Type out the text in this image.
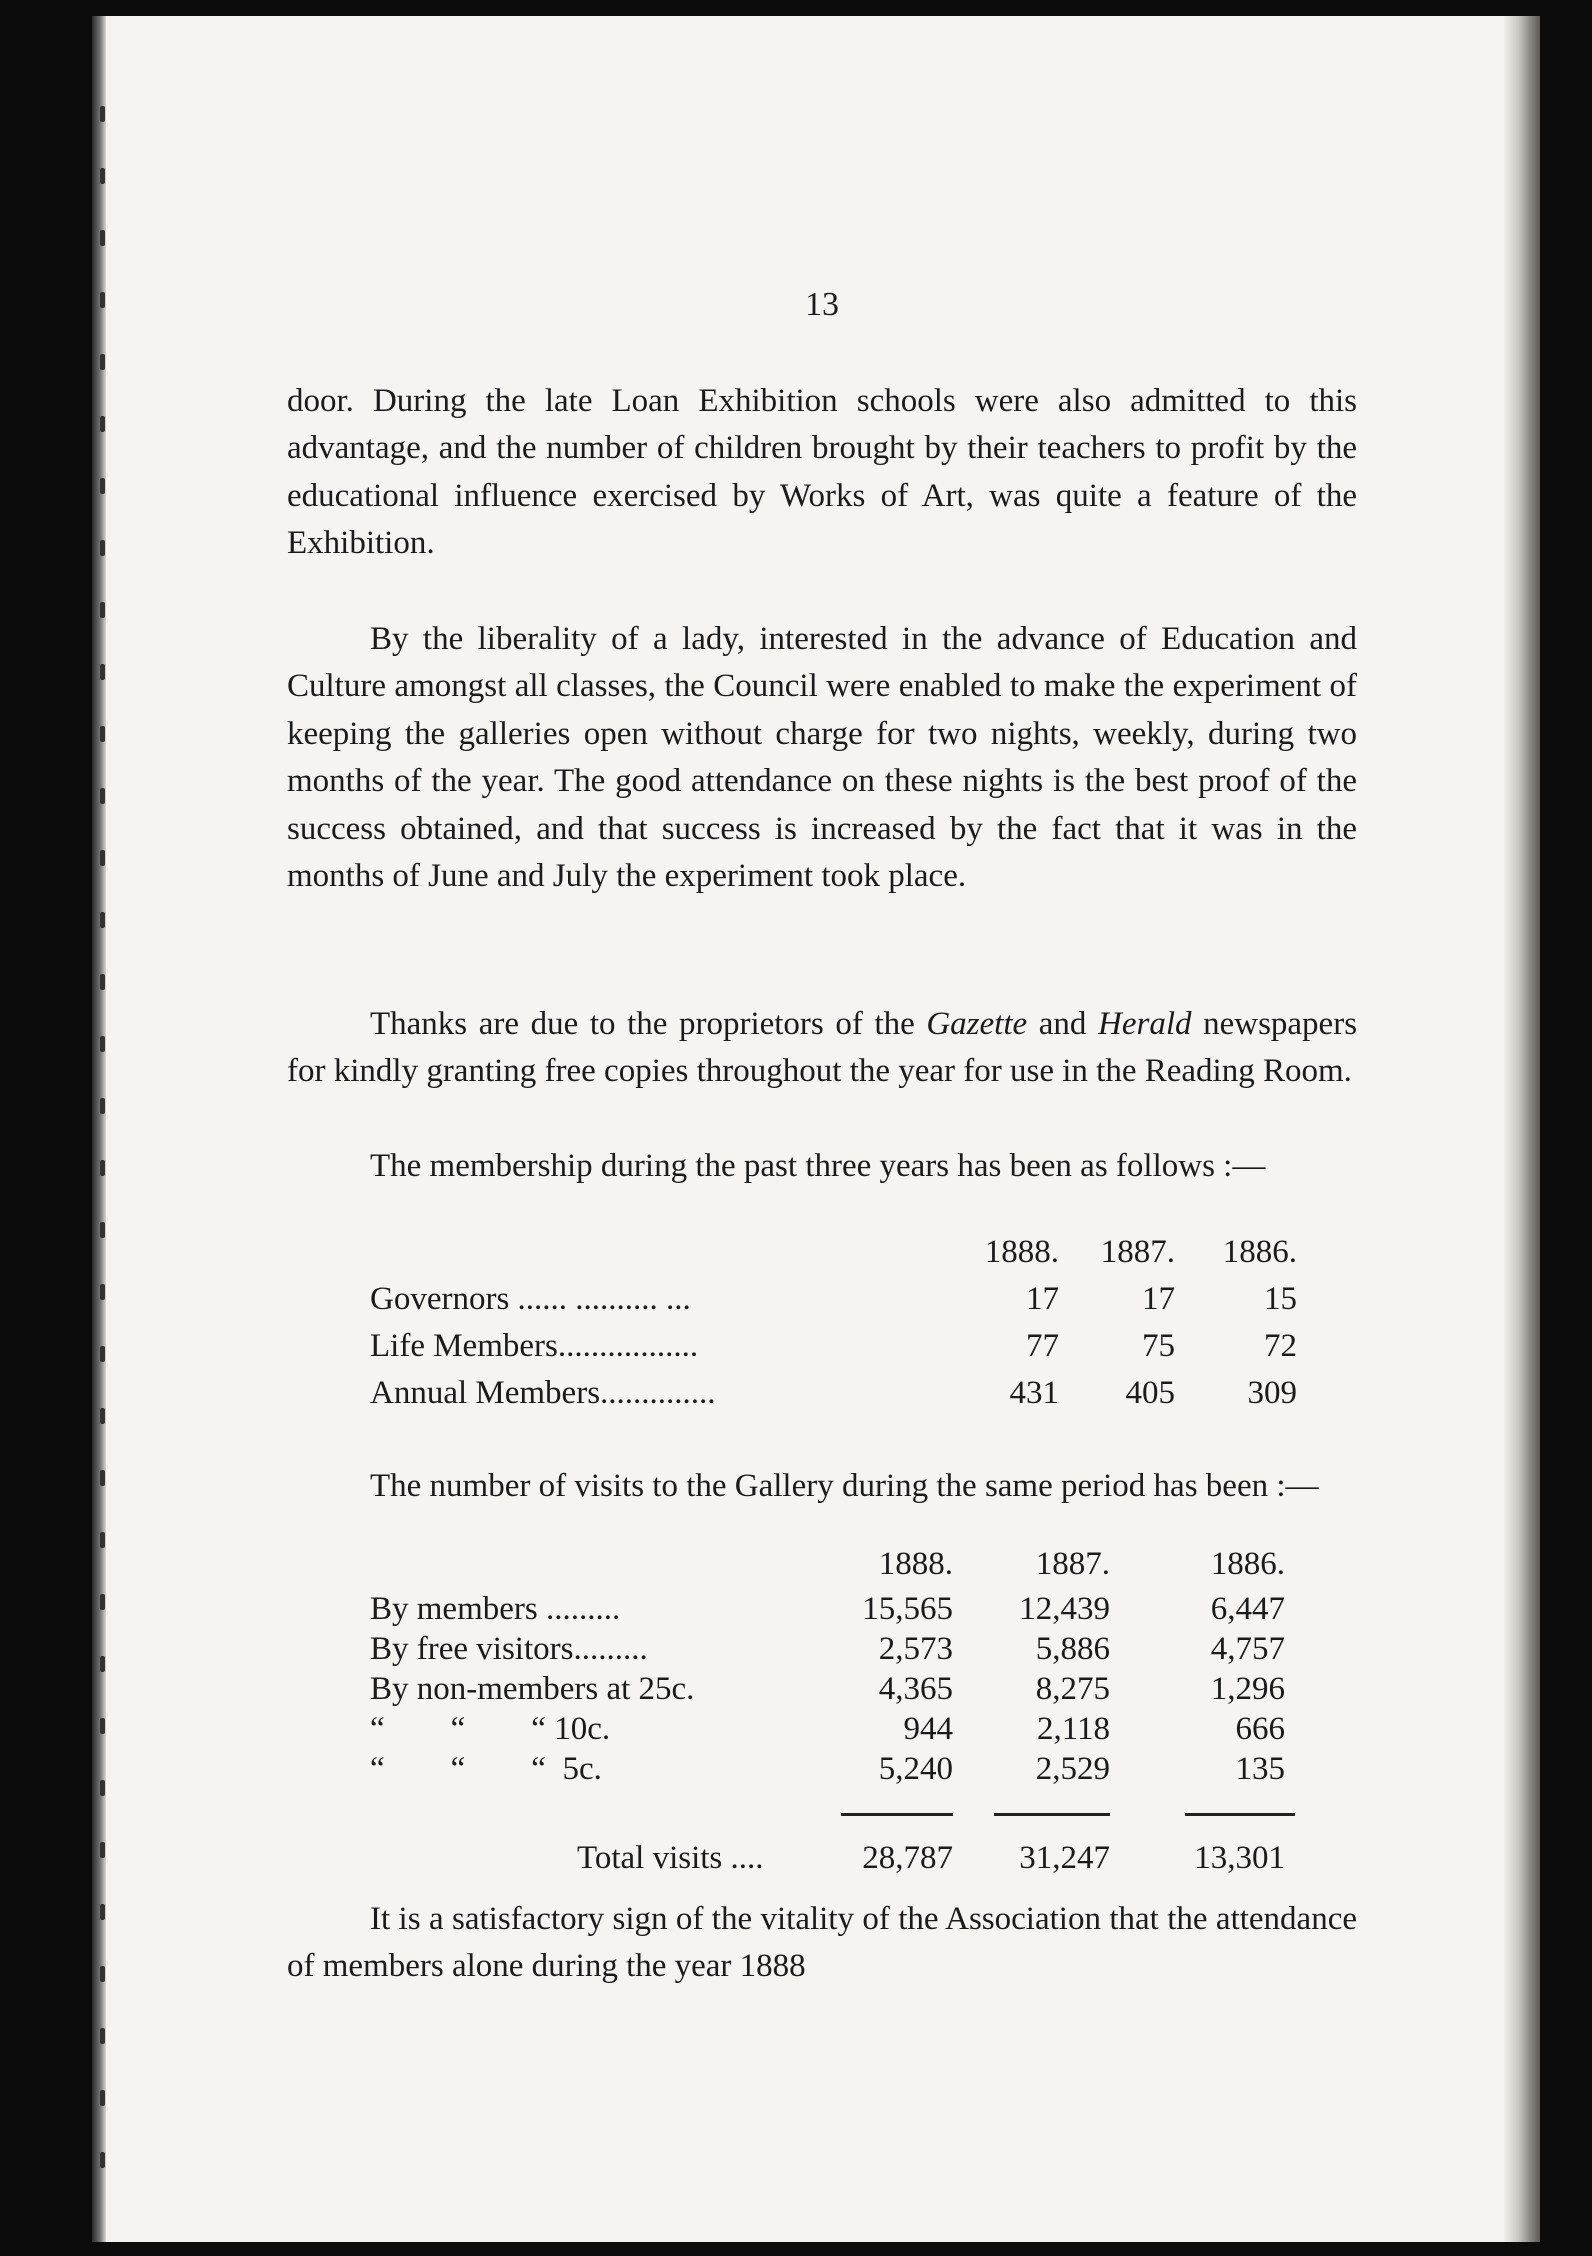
13
door. During the late Loan Exhibition schools were also admitted to this advantage, and the number of children brought by their teachers to profit by the educational influence exercised by Works of Art, was quite a feature of the Exhibition.
By the liberality of a lady, interested in the advance of Education and Culture amongst all classes, the Council were enabled to make the experiment of keeping the galleries open without charge for two nights, weekly, during two months of the year. The good attendance on these nights is the best proof of the success obtained, and that success is increased by the fact that it was in the months of June and July the experiment took place.
Thanks are due to the proprietors of the Gazette and Herald newspapers for kindly granting free copies throughout the year for use in the Reading Room.
The membership during the past three years has been as follows :—
1888. 1887. 1886.
Governors ...... .......... ...	17	17	15
Life Members.................	77	75	72
Annual Members..............	431 405 309
The number of visits to the Gallery during the same period has been :—
1888.	1887.	1886.
By members .........	15,565 12,439	6,447
By free visitors.........	2,573	5,886	4,757
By non-members at 25c.	4,365	8,275	1,296
“        “        “ 10c.	944	2,118	666
“        “        “  5c.	5,240	2,529	135
Total visits ....	28,787 31,247	13,301
It is a satisfactory sign of the vitality of the Association that the attendance of members alone during the year 1888
